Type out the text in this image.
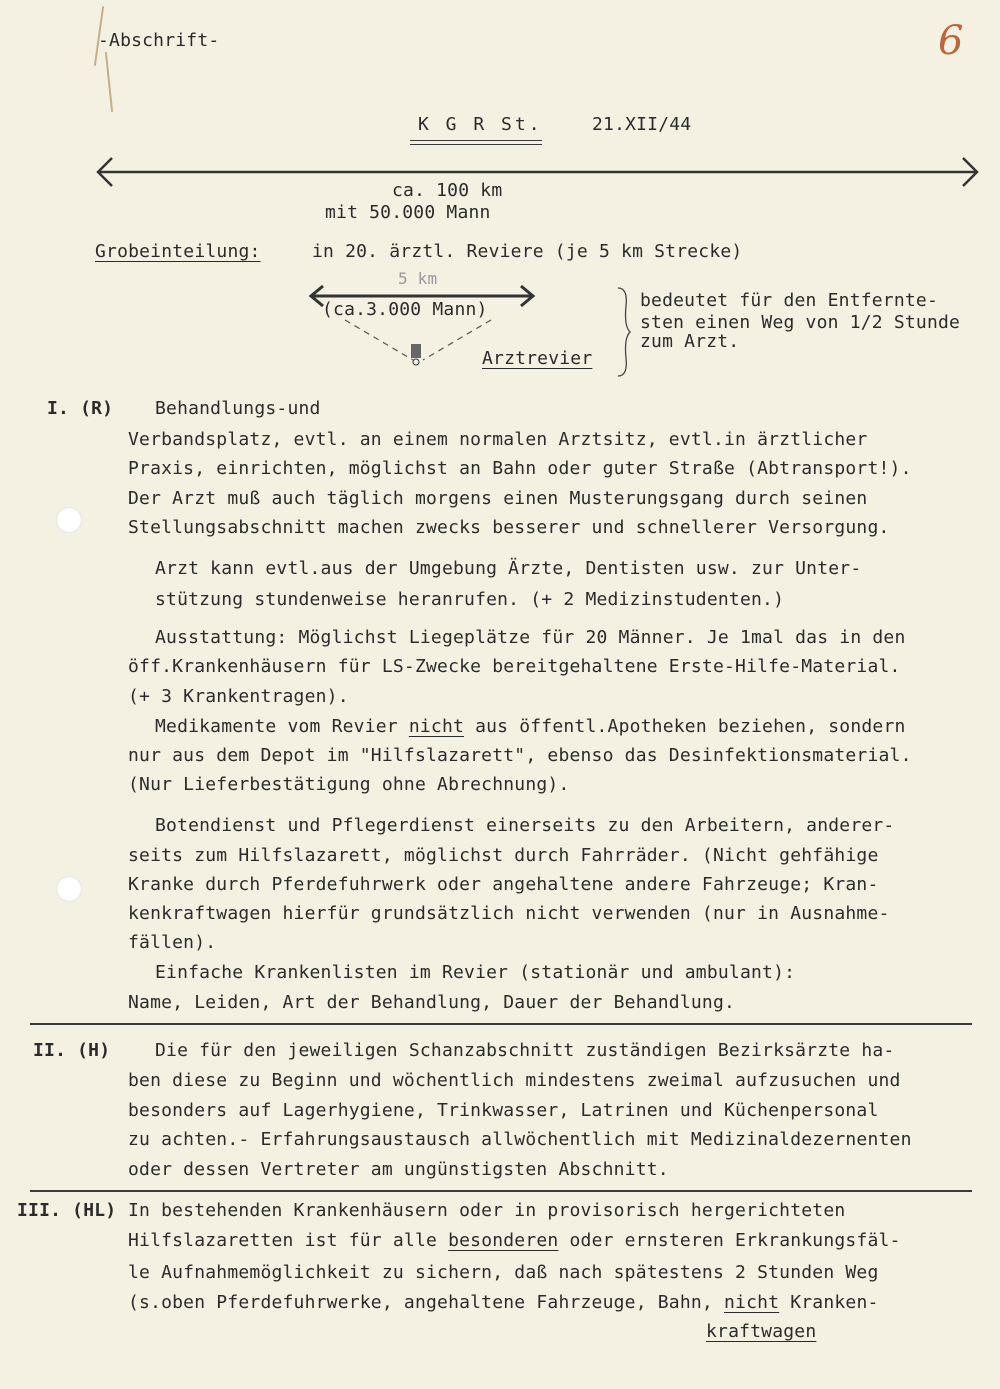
-Abschrift-	6
K G R St.	21.XII/44
ca. 100 km
mit 50.000 Mann
Grobeinteilung:	in 20. ärztl. Reviere (je 5 km Strecke)
5 km
(ca.3.000 Mann)
Arztrevier
bedeutet für den Entfernte-
sten einen Weg von 1/2 Stunde
zum Arzt.
I. (R) Behandlungs-und
Verbandsplatz, evtl. an einem normalen Arztsitz, evtl.in ärztlicher
Praxis, einrichten, möglichst an Bahn oder guter Straße (Abtransport!).
Der Arzt muß auch täglich morgens einen Musterungsgang durch seinen
Stellungsabschnitt machen zwecks besserer und schnellerer Versorgung.
Arzt kann evtl.aus der Umgebung Ärzte, Dentisten usw. zur Unter-
stützung stundenweise heranrufen. (+ 2 Medizinstudenten.)
Ausstattung: Möglichst Liegeplätze für 20 Männer. Je 1mal das in den
öff.Krankenhäusern für LS-Zwecke bereitgehaltene Erste-Hilfe-Material.
(+ 3 Krankentragen).
Medikamente vom Revier nicht aus öffentl.Apotheken beziehen, sondern
nur aus dem Depot im "Hilfslazarett", ebenso das Desinfektionsmaterial.
(Nur Lieferbestätigung ohne Abrechnung).
Botendienst und Pflegerdienst einerseits zu den Arbeitern, anderer-
seits zum Hilfslazarett, möglichst durch Fahrräder. (Nicht gehfähige
Kranke durch Pferdefuhrwerk oder angehaltene andere Fahrzeuge; Kran-
kenkraftwagen hierfür grundsätzlich nicht verwenden (nur in Ausnahme-
fällen).
Einfache Krankenlisten im Revier (stationär und ambulant):
Name, Leiden, Art der Behandlung, Dauer der Behandlung.
II. (H) Die für den jeweiligen Schanzabschnitt zuständigen Bezirksärzte ha-
ben diese zu Beginn und wöchentlich mindestens zweimal aufzusuchen und
besonders auf Lagerhygiene, Trinkwasser, Latrinen und Küchenpersonal
zu achten.- Erfahrungsaustausch allwöchentlich mit Medizinaldezernenten
oder dessen Vertreter am ungünstigsten Abschnitt.
III. (HL) In bestehenden Krankenhäusern oder in provisorisch hergerichteten
Hilfslazaretten ist für alle besonderen oder ernsteren Erkrankungsfäl-
le Aufnahmemöglichkeit zu sichern, daß nach spätestens 2 Stunden Weg
(s.oben Pferdefuhrwerke, angehaltene Fahrzeuge, Bahn, nicht Kranken-
kraftwagen
